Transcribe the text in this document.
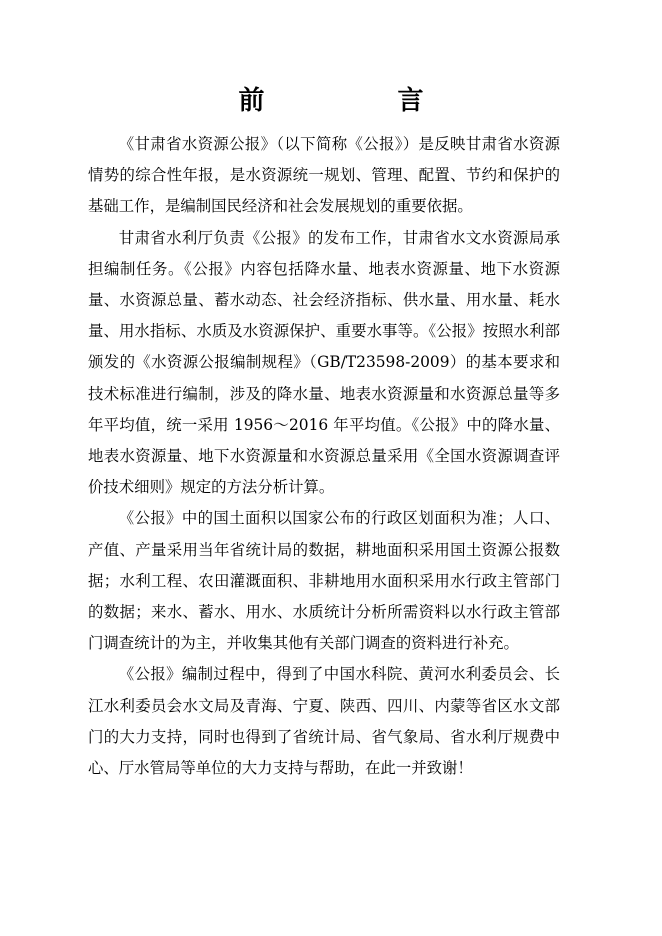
前 言

《甘肃省水资源公报》（以下简称《公报》）是反映甘肃省水资源情势的综合性年报，是水资源统一规划、管理、配置、节约和保护的基础工作，是编制国民经济和社会发展规划的重要依据。

甘肃省水利厅负责《公报》的发布工作，甘肃省水文水资源局承担编制任务。《公报》内容包括降水量、地表水资源量、地下水资源量、水资源总量、蓄水动态、社会经济指标、供水量、用水量、耗水量、用水指标、水质及水资源保护、重要水事等。《公报》按照水利部颁发的《水资源公报编制规程》（GB/T23598-2009）的基本要求和技术标准进行编制，涉及的降水量、地表水资源量和水资源总量等多年平均值，统一采用 1956～2016 年平均值。《公报》中的降水量、地表水资源量、地下水资源量和水资源总量采用《全国水资源调查评价技术细则》规定的方法分析计算。

《公报》中的国土面积以国家公布的行政区划面积为准；人口、产值、产量采用当年省统计局的数据，耕地面积采用国土资源公报数据；水利工程、农田灌溉面积、非耕地用水面积采用水行政主管部门的数据；来水、蓄水、用水、水质统计分析所需资料以水行政主管部门调查统计的为主，并收集其他有关部门调查的资料进行补充。

《公报》编制过程中，得到了中国水科院、黄河水利委员会、长江水利委员会水文局及青海、宁夏、陕西、四川、内蒙等省区水文部门的大力支持，同时也得到了省统计局、省气象局、省水利厅规费中心、厅水管局等单位的大力支持与帮助，在此一并致谢！
